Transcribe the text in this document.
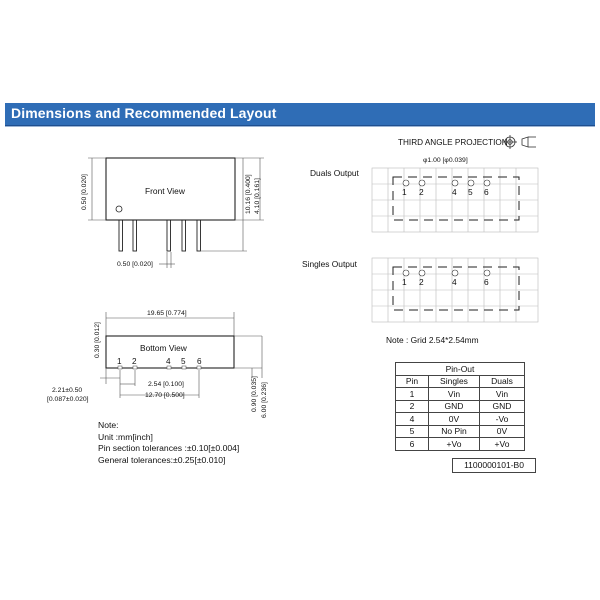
Dimensions and Recommended Layout
THIRD ANGLE PROJECTION
Front View
0.50 [0.020]	10.16 [0.400] 4.10 [0.161]
0.50 [0.020]
19.65 [0.774]
Bottom View
0.30 [0.012]
1 2	4 5 6
2.54 [0.100]
12.70 [0.500]
2.21±0.50
[0.087±0.020]	0.90 [0.035] 6.00 [0.236]
Duals Output
φ1.00 [φ0.039]
1 2	4 5 6
Singles Output
1 2	4	6
Note : Grid 2.54*2.54mm
Note:
Unit :mm[inch]
Pin section tolerances :±0.10[±0.004]
General tolerances:±0.25[±0.010]
Pin-Out		
Pin	Singles	Duals
1	Vin	Vin
2	GND	GND
4	0V	-Vo
5	No Pin	0V
6	+Vo	+Vo
1100000101-B0
